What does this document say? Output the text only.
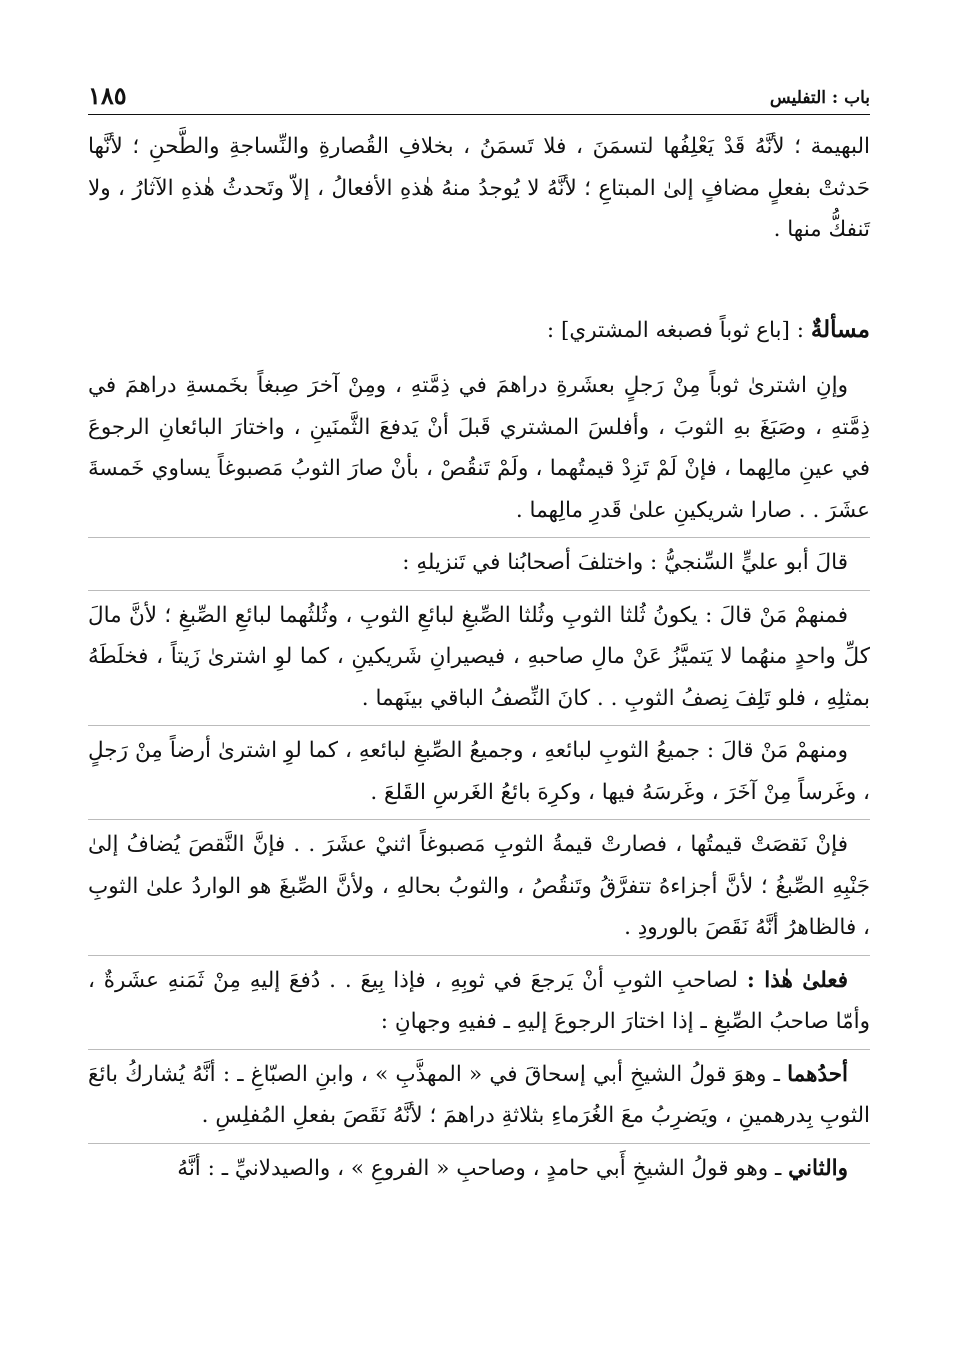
باب : التفليس
١٨٥

البهيمة ؛ لأنَّهُ قَدْ يَعْلِفُها لتسمَنَ ، فلا تَسمَنُ ، بخلافِ القُصارةِ والنِّساجةِ والطَّحنِ ؛ لأنَّها حَدثتْ بفعلٍ مضافٍ إلىٰ المبتاعِ ؛ لأنَّهُ لا يُوجدُ منهُ هٰذهِ الأفعالُ ، إلاّ وتَحدثُ هٰذهِ الآثارُ ، ولا تَنفكُّ منها .

مسألةٌ : [باع ثوباً فصبغه المشتري] :

وإنِ اشترىٰ ثوباً مِنْ رَجلٍ بعشَرةِ دراهمَ في ذِمَّتهِ ، ومِنْ آخرَ صِبغاً بخَمسةِ دراهمَ في ذِمَّتهِ ، وصَبَغَ بهِ الثوبَ ، وأفلسَ المشتري قَبلَ أنْ يَدفعَ الثَّمنَينِ ، واختارَ البائعانِ الرجوعَ في عينِ مالِهما ، فإنْ لَمْ تَزِدْ قيمتُهما ، ولَمْ تَنقُصْ ، بأنْ صارَ الثوبُ مَصبوغاً يساوي خَمسةَ عشَرَ . . صارا شريكينِ علىٰ قَدرِ مالِهما .

قالَ أبو عليٍّ السِّنجيُّ : واختلفَ أصحابُنا في تَنزيلهِ :

فمنهمْ مَنْ قالَ : يكونُ ثُلثا الثوبِ وثُلثا الصِّبغِ لبائعِ الثوبِ ، وثُلثُهما لبائعِ الصِّبغِ ؛ لأنَّ مالَ كلِّ واحدٍ منهُما لا يَتميَّزُ عَنْ مالِ صاحبهِ ، فيصيرانِ شَريكينِ ، كما لوِ اشترىٰ زَيتاً ، فخلَطَهُ بمثلِهِ ، فلو تَلِفَ نِصفُ الثوبِ . . كانَ النِّصفُ الباقي بينَهما .

ومنهمْ مَنْ قالَ : جميعُ الثوبِ لبائعهِ ، وجميعُ الصِّبغِ لبائعهِ ، كما لوِ اشترىٰ أرضاً مِنْ رَجلٍ ، وغَرساً مِنْ آخَرَ ، وغَرسَهُ فيها ، وكرِهَ بائعُ الغَرسِ القَلعَ .

فإنْ نَقصَتْ قيمتُها ، فصارتْ قيمةُ الثوبِ مَصبوغاً اثنيْ عشَرَ . . فإنَّ النَّقصَ يُضافُ إلىٰ جَنْبِهِ الصِّبغُ ؛ لأنَّ أجزاءهُ تتفرَّقُ وتَنقُصُ ، والثوبُ بحالهِ ، ولأنَّ الصِّبغَ هو الواردُ علىٰ الثوبِ ، فالظاهرُ أنَّهُ نَقَصَ بالورودِ .

فعلىٰ هٰذا : لصاحبِ الثوبِ أنْ يَرجعَ في ثوبِهِ ، فإذا بِيعَ . . دُفعَ إليهِ مِنْ ثَمَنهِ عشَرةٌ ، وأمّا صاحبُ الصِّبغِ ـ إذا اختارَ الرجوعَ إليهِ ـ ففيهِ وجهانِ :

أحدُهما ـ وهوَ قولُ الشيخِ أبي إسحاقَ في « المهذَّبِ » ، وابنِ الصبّاغِ ـ : أنَّهُ يُشاركُ بائعَ الثوبِ بِدرهمينِ ، ويَضرِبُ معَ الغُرَماءِ بثلاثةِ دراهمَ ؛ لأنَّهُ نَقَصَ بفعلِ المُفلِسِ .

والثاني ـ وهو قولُ الشيخِ أَبي حامدٍ ، وصاحبِ « الفروعِ » ، والصيدلانيِّ ـ : أنَّهُ
